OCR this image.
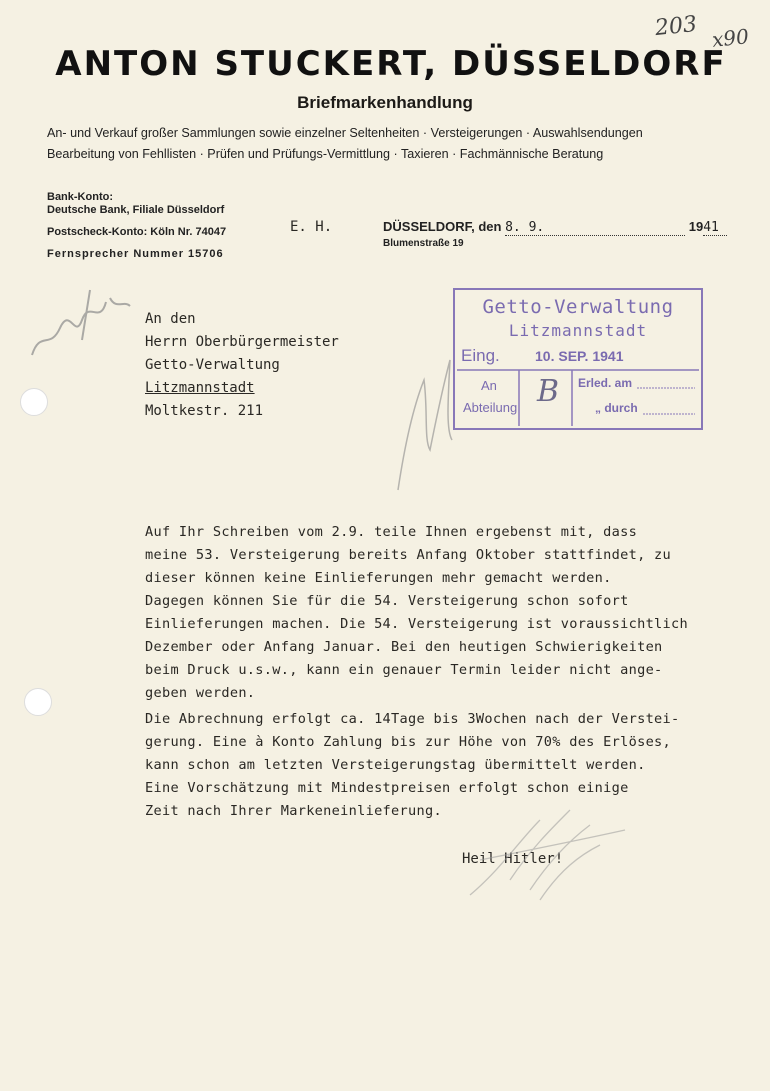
203 x90
ANTON STUCKERT, DÜSSELDORF
Briefmarkenhandlung
An- und Verkauf großer Sammlungen sowie einzelner Seltenheiten · Versteigerungen · Auswahlsendungen
Bearbeitung von Fehllisten · Prüfen und Prüfungs-Vermittlung · Taxieren · Fachmännische Beratung
Bank-Konto:
Deutsche Bank, Filiale Düsseldorf
Postscheck-Konto: Köln Nr. 74047
Fernsprecher Nummer 15706
E. H.	DÜSSELDORF, den 8. 9.	1941
Blumenstraße 19
An den
Herrn Oberbürgermeister
Getto-Verwaltung
Litzmannstadt
Moltkestr. 211
Getto-Verwaltung
Litzmannstadt
Eing.	10. SEP. 1941
An
Abteilung B Erled. am
„ durch
Auf Ihr Schreiben vom 2.9. teile Ihnen ergebenst mit, dass
meine 53. Versteigerung bereits Anfang Oktober stattfindet, zu
dieser können keine Einlieferungen mehr gemacht werden.
Dagegen können Sie für die 54. Versteigerung schon sofort
Einlieferungen machen. Die 54. Versteigerung ist voraussichtlich
Dezember oder Anfang Januar. Bei den heutigen Schwierigkeiten
beim Druck u.s.w., kann ein genauer Termin leider nicht ange-
geben werden.
Die Abrechnung erfolgt ca. 14Tage bis 3Wochen nach der Verstei-
gerung. Eine à Konto Zahlung bis zur Höhe von 70% des Erlöses,
kann schon am letzten Versteigerungstag übermittelt werden.
Eine Vorschätzung mit Mindestpreisen erfolgt schon einige
Zeit nach Ihrer Markeneinlieferung.
Heil Hitler!
